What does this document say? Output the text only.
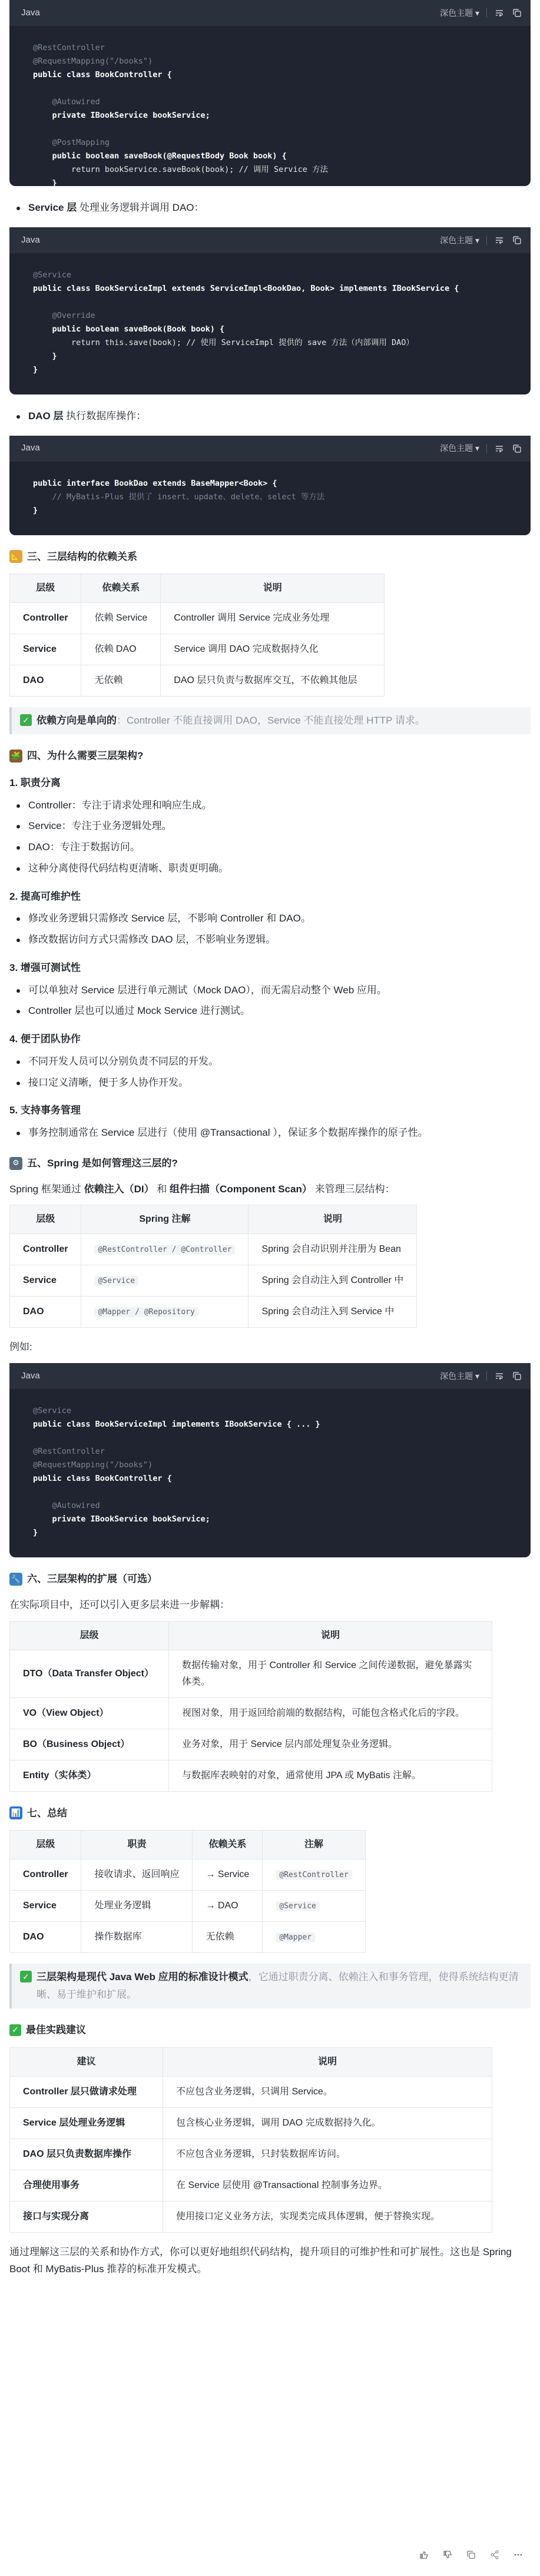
Java	深色主题 ▾
@RestController
@RequestMapping("/books")
public class BookController {

@Autowired
private IBookService bookService;

@PostMapping
public boolean saveBook(@RequestBody Book book) {
return bookService.saveBook(book); // 调用 Service 方法
}
}
Service 层 处理业务逻辑并调用 DAO：
Java	深色主题 ▾
@Service
public class BookServiceImpl extends ServiceImpl<BookDao, Book> implements IBookService {

@Override
public boolean saveBook(Book book) {
return this.save(book); // 使用 ServiceImpl 提供的 save 方法（内部调用 DAO）
}
}
DAO 层 执行数据库操作：
Java	深色主题 ▾
public interface BookDao extends BaseMapper<Book> {
// MyBatis-Plus 提供了 insert、update、delete、select 等方法
}
📐 三、三层结构的依赖关系
层级	依赖关系	说明
Controller	依赖 Service	Controller 调用 Service 完成业务处理
Service	依赖 DAO	Service 调用 DAO 完成数据持久化
DAO	无依赖	DAO 层只负责与数据库交互，不依赖其他层
✓ 依赖方向是单向的：Controller 不能直接调用 DAO，Service 不能直接处理 HTTP 请求。
🧩 四、为什么需要三层架构?
1. 职责分离
Controller：专注于请求处理和响应生成。
Service：专注于业务逻辑处理。
DAO：专注于数据访问。
这种分离使得代码结构更清晰、职责更明确。
2. 提高可维护性
修改业务逻辑只需修改 Service 层，不影响 Controller 和 DAO。
修改数据访问方式只需修改 DAO 层，不影响业务逻辑。
3. 增强可测试性
可以单独对 Service 层进行单元测试（Mock DAO），而无需启动整个 Web 应用。
Controller 层也可以通过 Mock Service 进行测试。
4. 便于团队协作
不同开发人员可以分别负责不同层的开发。
接口定义清晰，便于多人协作开发。
5. 支持事务管理
事务控制通常在 Service 层进行（使用 @Transactional ），保证多个数据库操作的原子性。
⚙ 五、Spring 是如何管理这三层的?

Spring 框架通过 依赖注入（DI） 和 组件扫描（Component Scan） 来管理三层结构：

层级	Spring 注解	说明
Controller	@RestController / @Controller	Spring 会自动识别并注册为 Bean
Service	@Service	Spring 会自动注入到 Controller 中
DAO	@Mapper / @Repository	Spring 会自动注入到 Service 中

例如:

Java	深色主题 ▾
@Service
public class BookServiceImpl implements IBookService { ... }

@RestController
@RequestMapping("/books")
public class BookController {

@Autowired
private IBookService bookService;
}
🔧 六、三层架构的扩展（可选）

在实际项目中，还可以引入更多层来进一步解耦：

层级	说明
DTO（Data Transfer Object）	数据传输对象，用于 Controller 和 Service 之间传递数据，避免暴露实体类。
VO（View Object）	视图对象，用于返回给前端的数据结构，可能包含格式化后的字段。
BO（Business Object）	业务对象，用于 Service 层内部处理复杂业务逻辑。
Entity（实体类）	与数据库表映射的对象，通常使用 JPA 或 MyBatis 注解。
📊 七、总结
层级	职责	依赖关系	注解
Controller	接收请求、返回响应	→ Service	@RestController
Service	处理业务逻辑	→ DAO	@Service
DAO	操作数据库	无依赖	@Mapper
✓ 三层架构是现代 Java Web 应用的标准设计模式，它通过职责分离、依赖注入和事务管理，使得系统结构更清晰、易于维护和扩展。
✓ 最佳实践建议
建议	说明
Controller 层只做请求处理	不应包含业务逻辑，只调用 Service。
Service 层处理业务逻辑	包含核心业务逻辑，调用 DAO 完成数据持久化。
DAO 层只负责数据库操作	不应包含业务逻辑，只封装数据库访问。
合理使用事务	在 Service 层使用 @Transactional 控制事务边界。
接口与实现分离	使用接口定义业务方法，实现类完成具体逻辑，便于替换实现。

通过理解这三层的关系和协作方式，你可以更好地组织代码结构，提升项目的可维护性和可扩展性。这也是 Spring Boot 和 MyBatis-Plus 推荐的标准开发模式。
